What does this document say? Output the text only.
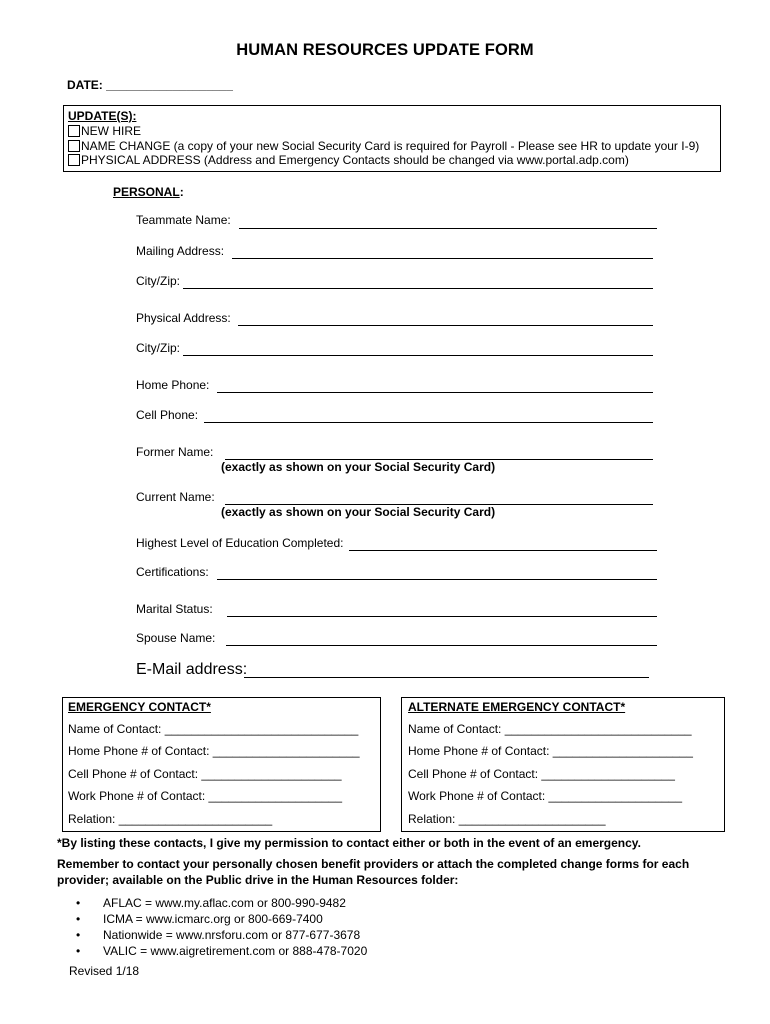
HUMAN RESOURCES UPDATE FORM
DATE: ___________________
UPDATE(S):
NEW HIRE
NAME CHANGE (a copy of your new Social Security Card is required for Payroll - Please see HR to update your I-9)
PHYSICAL ADDRESS (Address and Emergency Contacts should be changed via www.portal.adp.com)
PERSONAL:
Teammate Name:
Mailing Address:
City/Zip:
Physical Address:
City/Zip:
Home Phone:
Cell Phone:
Former Name:
(exactly as shown on your Social Security Card)
Current Name:
(exactly as shown on your Social Security Card)
Highest Level of Education Completed:
Certifications:
Marital Status:
Spouse Name:
E-Mail address:
EMERGENCY CONTACT*
Name of Contact: _____________________________
Home Phone # of Contact: ______________________
Cell Phone # of Contact: _____________________
Work Phone # of Contact: ____________________
Relation: _______________________
ALTERNATE EMERGENCY CONTACT*
Name of Contact: ____________________________
Home Phone # of Contact: _____________________
Cell Phone # of Contact: ____________________
Work Phone # of Contact: ____________________
Relation: ______________________
*By listing these contacts, I give my permission to contact either or both in the event of an emergency.
Remember to contact your personally chosen benefit providers or attach the completed change forms for each
provider; available on the Public drive in the Human Resources folder:
• AFLAC = www.my.aflac.com or 800-990-9482
• ICMA = www.icmarc.org or 800-669-7400
• Nationwide = www.nrsforu.com or 877-677-3678
• VALIC = www.aigretirement.com or 888-478-7020
Revised 1/18
